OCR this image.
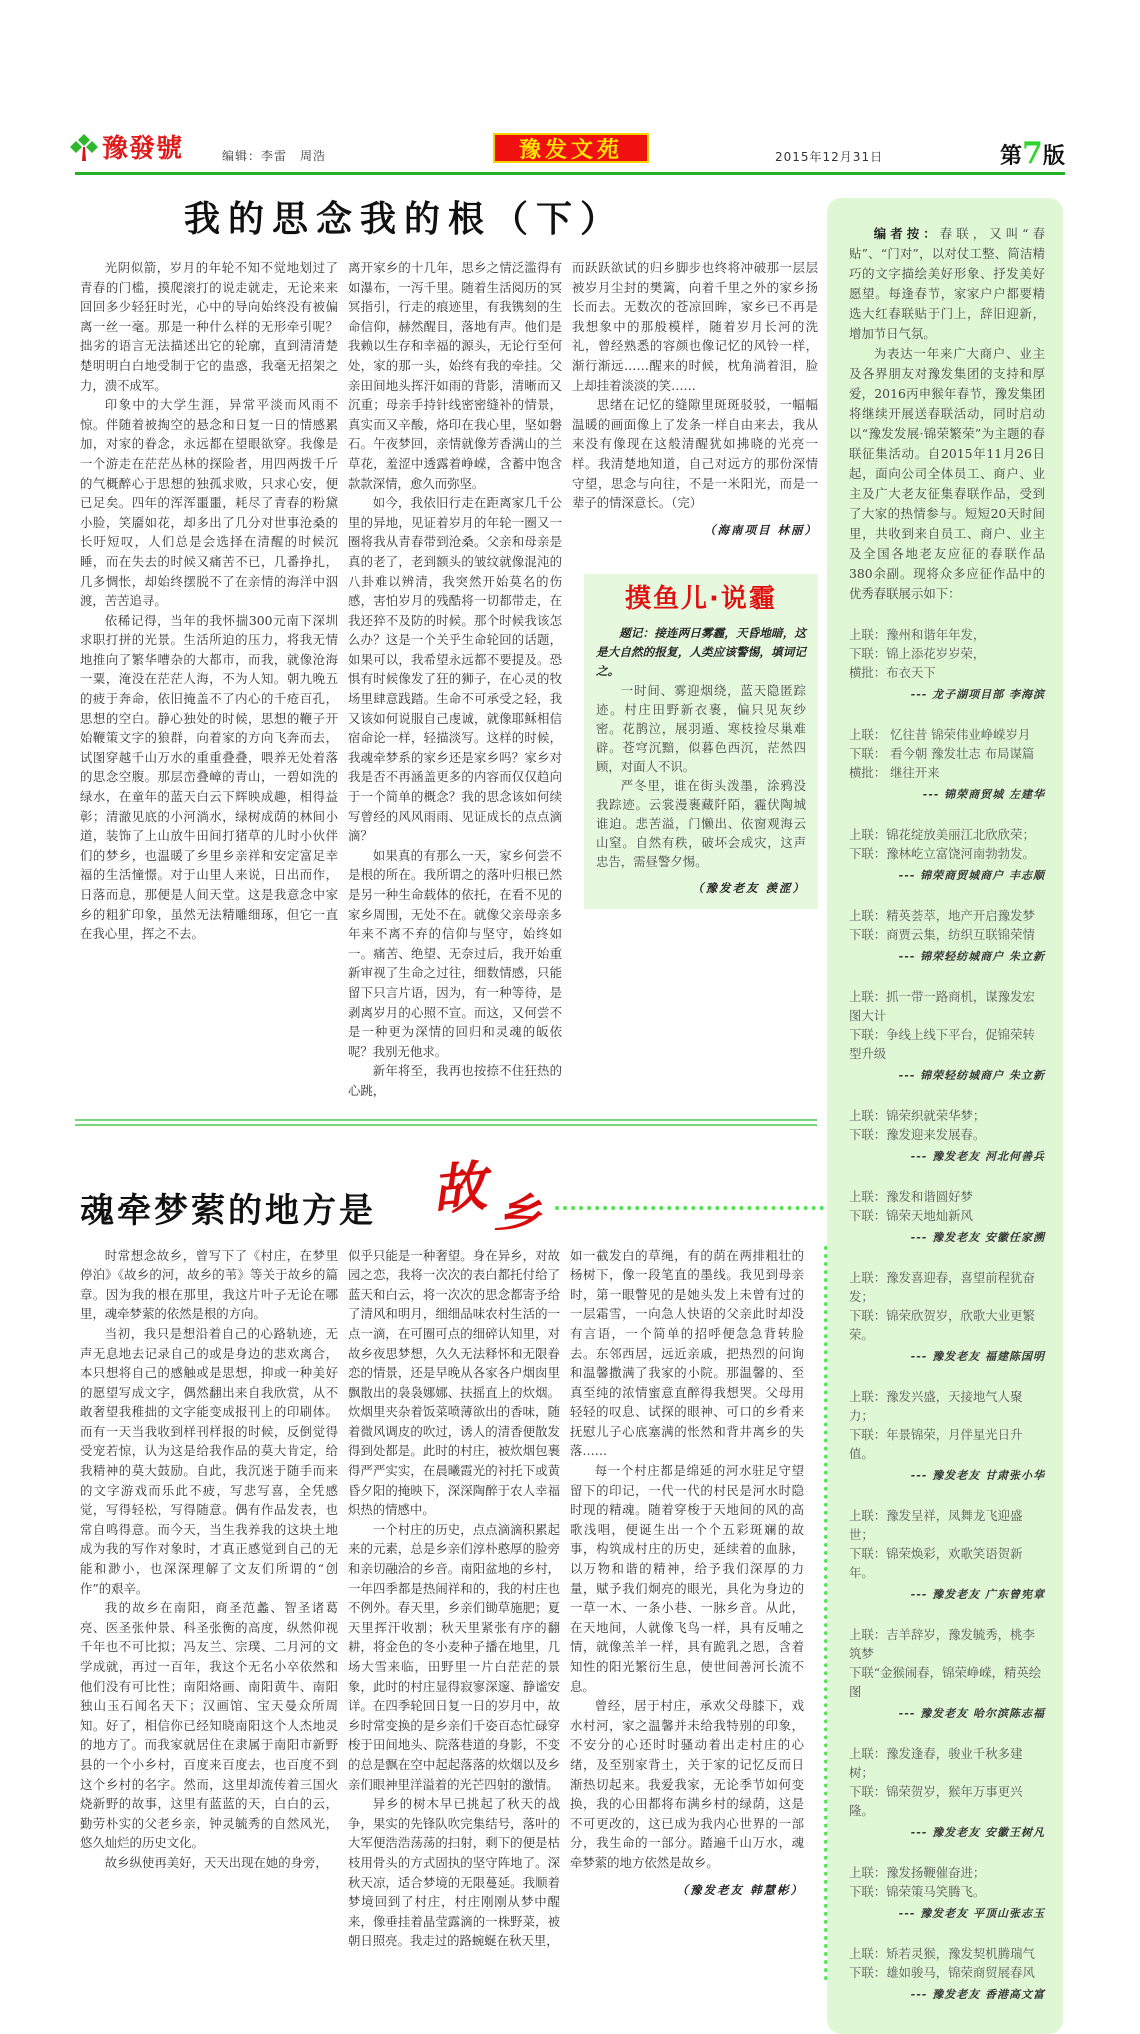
豫發號	编辑：李雷　周浩	豫发文苑	2015年12月31日	第7版
我的思念我的根（下）

光阴似箭，岁月的年轮不知不觉地划过了青春的门槛，摸爬滚打的说走就走，无论来来回回多少轻狂时光，心中的导向始终没有被偏离一丝一毫。那是一种什么样的无形牵引呢？拙劣的语言无法描述出它的轮廓，直到清清楚楚明明白白地受制于它的蛊惑，我毫无招架之力，溃不成军。

印象中的大学生涯，异常平淡而风雨不惊。伴随着被掏空的悬念和日复一日的情感累加，对家的眷念，永远都在望眼欲穿。我像是一个游走在茫茫丛林的探险者，用四两拨千斤的气概醉心于思想的独孤求败，只求心安，便已足矣。四年的浑浑噩噩，耗尽了青春的粉黛小脸，笑靥如花，却多出了几分对世事沧桑的长吁短叹，人们总是会选择在清醒的时候沉睡，而在失去的时候又痛苦不已，几番挣扎，几多惆怅，却始终摆脱不了在亲情的海洋中泅渡，苦苦追寻。

依稀记得，当年的我怀揣300元南下深圳求职打拼的光景。生活所迫的压力，将我无情地推向了繁华嘈杂的大都市，而我，就像沧海一粟，淹没在茫茫人海，不为人知。朝九晚五的疲于奔命，依旧掩盖不了内心的千疮百孔，思想的空白。静心独处的时候，思想的鞭子开始鞭策文字的狼群，向着家的方向飞奔而去，试图穿越千山万水的重重叠叠，喂养无处着落的思念空腹。那层峦叠嶂的青山，一碧如洗的绿水，在童年的蓝天白云下辉映成趣，相得益彰；清澈见底的小河淌水，绿树成荫的林间小道，装饰了上山放牛田间打猪草的儿时小伙伴们的梦乡，也温暖了乡里乡亲祥和安定富足幸福的生活憧憬。对于山里人来说，日出而作，日落而息，那便是人间天堂。这是我意念中家乡的粗犷印象，虽然无法精雕细琢，但它一直在我心里，挥之不去。

离开家乡的十几年，思乡之情泛滥得有如瀑布，一泻千里。随着生活阅历的冥冥指引，行走的痕迹里，有我镌刻的生命信仰，赫然醒目，落地有声。他们是我赖以生存和幸福的源头，无论行至何处，家的那一头，始终有我的牵挂。父亲田间地头挥汗如雨的背影，清晰而又沉重；母亲手持针线密密缝补的情景，真实而又辛酸，烙印在我心里，坚如磐石。午夜梦回，亲情就像芳香满山的兰草花，羞涩中透露着峥嵘，含蓄中饱含款款深情，愈久而弥坚。

如今，我依旧行走在距离家几千公里的异地，见证着岁月的年轮一圈又一圈将我从青春带到沧桑。父亲和母亲是真的老了，老到额头的皱纹就像混沌的八卦难以辨清，我突然开始莫名的伤感，害怕岁月的残酷将一切都带走，在我还猝不及防的时候。那个时候我该怎么办？这是一个关乎生命轮回的话题，如果可以，我希望永远都不要提及。恐惧有时候像发了狂的狮子，在心灵的牧场里肆意践踏。生命不可承受之轻，我又该如何说服自己虔诚，就像耶稣相信宿命论一样，轻描淡写。这样的时候，我魂牵梦系的家乡还是家乡吗？家乡对我是否不再涵盖更多的内容而仅仅趋向于一个简单的概念？我的思念该如何续写曾经的风风雨雨、见证成长的点点滴滴？

如果真的有那么一天，家乡何尝不是根的所在。我所谓之的落叶归根已然是另一种生命载体的依托，在看不见的家乡周围，无处不在。就像父亲母亲多年来不离不弃的信仰与坚守，始终如一。痛苦、绝望、无奈过后，我开始重新审视了生命之过往，细数情感，只能留下只言片语，因为，有一种等待，是剥离岁月的心照不宣。而这，又何尝不是一种更为深情的回归和灵魂的皈依呢？我别无他求。

新年将至，我再也按捺不住狂热的心跳，

而跃跃欲试的归乡脚步也终将冲破那一层层被岁月尘封的樊篱，向着千里之外的家乡扬长而去。无数次的苍凉回眸，家乡已不再是我想象中的那般模样，随着岁月长河的洗礼，曾经熟悉的容颜也像记忆的风铃一样，渐行渐远……醒来的时候，枕角淌着泪，脸上却挂着淡淡的笑……

思绪在记忆的缝隙里斑斑驳驳，一幅幅温暖的画面像上了发条一样自由来去，我从来没有像现在这般清醒犹如拂晓的光亮一样。我清楚地知道，自己对远方的那份深情守望，思念与向往，不是一米阳光，而是一辈子的情深意长。（完）

（海南项目 林丽）
摸鱼儿·说霾

题记：接连两日雾霾，天昏地暗，这是大自然的报复，人类应该警惕，填词记之。

一时间、雾迎烟绕，蓝天隐匿踪迹。村庄田野新衣裹，偏只见灰纱密。花鹊泣，展羽遁、寒枝捡尽巢难辟。苍穹沉黯，似暮色西沉，茫然四顾，对面人不识。

严冬里，谁在街头泼墨，涂鸦没我踪迹。云裳漫裹藏阡陌，霾伏陶城谁迫。悲苦溢，门懒出、依窗观海云山窒。自然有秩，破坏会成灾，这声忠告，需昼警夕惕。

（豫发老友 羡涩）
魂牵梦萦的地方是 故 乡

时常想念故乡，曾写下了《村庄，在梦里停泊》《故乡的河，故乡的苇》等关于故乡的篇章。因为我的根在那里，我这片叶子无论在哪里，魂牵梦萦的依然是根的方向。

当初，我只是想沿着自己的心路轨迹，无声无息地去记录自己的或是身边的悲欢离合，本只想将自己的感触或是思想，抑或一种美好的愿望写成文字，偶然翻出来自我欣赏，从不敢奢望我稚拙的文字能变成报刊上的印刷体。而有一天当我收到样刊样报的时候，反倒觉得受宠若惊，认为这是给我作品的莫大肯定，给我精神的莫大鼓励。自此，我沉迷于随手而来的文字游戏而乐此不疲，写悲写喜，全凭感觉，写得轻松，写得随意。偶有作品发表，也常自鸣得意。而今天，当生我养我的这块土地成为我的写作对象时，才真正感觉到自己的无能和渺小，也深深理解了文友们所谓的“创作”的艰辛。

我的故乡在南阳，商圣范蠡、智圣诸葛亮、医圣张仲景、科圣张衡的高度，纵然仰视千年也不可比拟；冯友兰、宗璞、二月河的文学成就，再过一百年，我这个无名小卒依然和他们没有可比性；南阳烙画、南阳黄牛、南阳独山玉石闻名天下；汉画馆、宝天曼众所周知。好了，相信你已经知晓南阳这个人杰地灵的地方了。而我家就居住在隶属于南阳市新野县的一个小乡村，百度来百度去，也百度不到这个乡村的名字。然而，这里却流传着三国火烧新野的故事，这里有蓝蓝的天，白白的云，勤劳朴实的父老乡亲，钟灵毓秀的自然风光，悠久灿烂的历史文化。

故乡纵使再美好，天天出现在她的身旁，

似乎只能是一种奢望。身在异乡，对故园之恋，我将一次次的表白都托付给了蓝天和白云，将一次次的思念都寄予给了清风和明月，细细品味农村生活的一点一滴，在可圈可点的细碎认知里，对故乡夜思梦想，久久无法释怀和无限眷恋的情景，还是早晚从各家各户烟囱里飘散出的袅袅娜娜、扶摇直上的炊烟。炊烟里夹杂着饭菜喷薄欲出的香味，随着微风调皮的吹过，诱人的清香便散发得到处都是。此时的村庄，被炊烟包裹得严严实实，在晨曦霞光的衬托下或黄昏夕阳的掩映下，深深陶醉于农人幸福炽热的情感中。

一个村庄的历史，点点滴滴积累起来的元素，总是乡亲们淳朴憨厚的脸旁和亲切融洽的乡音。南阳盆地的乡村，一年四季都是热闹祥和的，我的村庄也不例外。春天里，乡亲们锄草施肥；夏天里挥汗收割；秋天里紧张有序的翻耕，将金色的冬小麦种子播在地里，几场大雪来临，田野里一片白茫茫的景象，此时的村庄显得寂寥深邃、静谧安详。在四季轮回日复一日的岁月中，故乡时常变换的是乡亲们千姿百态忙碌穿梭于田间地头、院落巷道的身影，不变的总是飘在空中起起落落的炊烟以及乡亲们眼神里洋溢着的光芒四射的激情。

异乡的树木早已挑起了秋天的战争，果实的先锋队吹完集结号，落叶的大军便浩浩荡荡的扫射，剩下的便是枯枝用骨头的方式固执的坚守阵地了。深秋天凉，适合梦境的无限蔓延。我顺着梦境回到了村庄，村庄刚刚从梦中醒来，像垂挂着晶莹露滴的一株野菜，被朝日照亮。我走过的路蜿蜒在秋天里，

如一截发白的草绳，有的荫在两排粗壮的杨树下，像一段笔直的墨线。我见到母亲时，第一眼瞥见的是她头发上未曾有过的一层霜雪，一向急人快语的父亲此时却没有言语，一个简单的招呼便急急背转脸去。东邻西居，远近亲戚，把热烈的问询和温馨撒满了我家的小院。那温馨的、至真至纯的浓情蜜意直醉得我想哭。父母用轻轻的叹息、试探的眼神、可口的乡肴来抚慰儿子心底塞满的怅然和背井离乡的失落……

每一个村庄都是绵延的河水驻足守望留下的印记，一代一代的村民是河水时隐时现的精魂。随着穿梭于天地间的风的高歌浅唱，便诞生出一个个五彩斑斓的故事，构筑成村庄的历史，延续着的血脉，以万物和谐的精神，给予我们深厚的力量，赋予我们炯亮的眼光，具化为身边的一草一木、一条小巷、一脉乡音。从此，在天地间，人就像飞鸟一样，具有反哺之情，就像羔羊一样，具有跪乳之恩，含着知性的阳光繁衍生息，使世间善河长流不息。

曾经，居于村庄，承欢父母膝下，戏水村河，家之温馨并未给我特别的印象，不安分的心还时时骚动着出走村庄的心绪，及至别家背土，关于家的记忆反而日渐热切起来。我爱我家，无论季节如何变换，我的心田都将布满乡村的绿荫，这是不可更改的，这已成为我内心世界的一部分，我生命的一部分。踏遍千山万水，魂牵梦萦的地方依然是故乡。

（豫发老友 韩慧彬）

编者按：春联，又叫“春贴”、“门对”，以对仗工整、简洁精巧的文字描绘美好形象、抒发美好愿望。每逢春节，家家户户都要精选大红春联贴于门上，辞旧迎新，增加节日气氛。

为表达一年来广大商户、业主及各界朋友对豫发集团的支持和厚爱，2016丙申猴年春节，豫发集团将继续开展送春联活动，同时启动以“豫发发展·锦荣繁荣”为主题的春联征集活动。自2015年11月26日起，面向公司全体员工、商户、业主及广大老友征集春联作品，受到了大家的热情参与。短短20天时间里，共收到来自员工、商户、业主及全国各地老友应征的春联作品380余副。现将众多应征作品中的优秀春联展示如下：

上联：豫州和谐年年发，
下联：锦上添花岁岁荣，
横批：布衣天下
--- 龙子湖项目部 李海滨
上联： 忆往昔 锦荣伟业峥嵘岁月
下联： 看今朝 豫发壮志 布局谋篇
横批： 继往开来
--- 锦荣商贸城 左建华
上联：锦花绽放美丽江北欣欣荣；
下联：豫林屹立富饶河南勃勃发。
--- 锦荣商贸城商户 丰志顺
上联：精英荟萃，地产开启豫发梦
下联：商贾云集，纺织互联锦荣情
--- 锦荣轻纺城商户 朱立新
上联：抓一带一路商机，谋豫发宏图大计
下联：争线上线下平台，促锦荣转型升级
--- 锦荣轻纺城商户 朱立新
上联：锦荣织就荣华梦；
下联：豫发迎来发展春。
--- 豫发老友 河北何善兵
上联：豫发和谐圆好梦
下联：锦荣天地灿新风
--- 豫发老友 安徽任家溯
上联：豫发喜迎春，喜望前程犹奋发；
下联：锦荣欣贺岁，欣歌大业更繁荣。
--- 豫发老友 福建陈国明
上联：豫发兴盛，天接地气人聚力；
下联：年景锦荣，月伴星光日升值。
--- 豫发老友 甘肃张小华
上联：豫发呈祥，凤舞龙飞迎盛世；
下联：锦荣焕彩，欢歌笑语贺新年。
--- 豫发老友 广东曾宪章
上联：吉羊辞岁，豫发毓秀，桃李筑梦
下联“金猴闹春，锦荣峥嵘，精英绘图
--- 豫发老友 哈尔滨陈志福
上联：豫发逢春，骏业千秋多建树；
下联：锦荣贺岁，猴年万事更兴隆。
--- 豫发老友 安徽王树凡
上联：豫发扬鞭催奋进；
下联：锦荣策马笑腾飞。
--- 豫发老友 平顶山张志玉
上联：矫若灵猴，豫发契机腾瑞气
下联：雄如骏马，锦荣商贸展春风
--- 豫发老友 香港高文富
